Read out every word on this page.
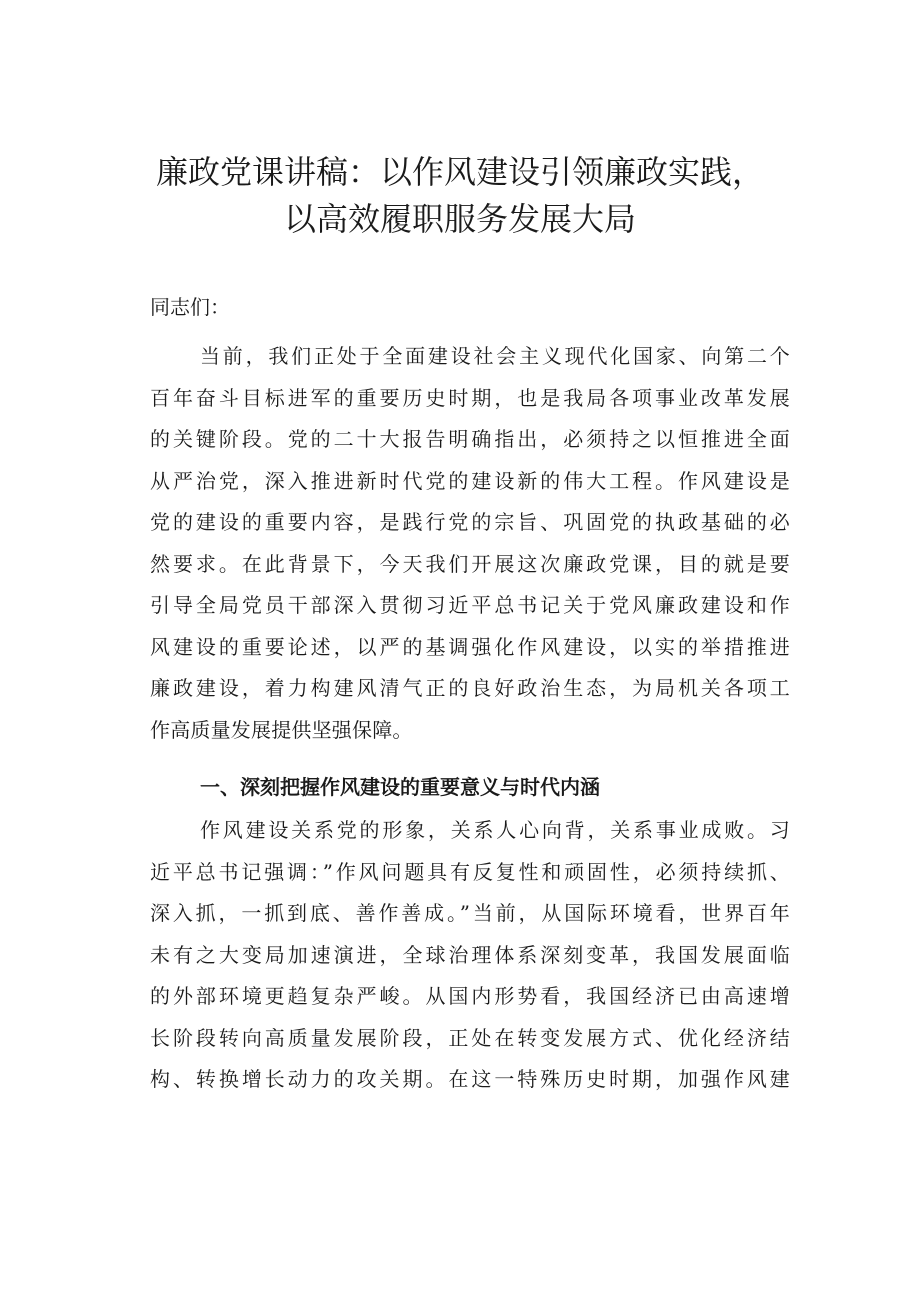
廉政党课讲稿：以作风建设引领廉政实践，
以高效履职服务发展大局

同志们：

当前，我们正处于全面建设社会主义现代化国家、向第二个
百年奋斗目标进军的重要历史时期，也是我局各项事业改革发展
的关键阶段。党的二十大报告明确指出，必须持之以恒推进全面
从严治党，深入推进新时代党的建设新的伟大工程。作风建设是
党的建设的重要内容，是践行党的宗旨、巩固党的执政基础的必
然要求。在此背景下，今天我们开展这次廉政党课，目的就是要
引导全局党员干部深入贯彻习近平总书记关于党风廉政建设和作
风建设的重要论述，以严的基调强化作风建设，以实的举措推进
廉政建设，着力构建风清气正的良好政治生态，为局机关各项工
作高质量发展提供坚强保障。
一、深刻把握作风建设的重要意义与时代内涵
作风建设关系党的形象，关系人心向背，关系事业成败。习
近平总书记强调：”作风问题具有反复性和顽固性，必须持续抓、
深入抓，一抓到底、善作善成。”当前，从国际环境看，世界百年
未有之大变局加速演进，全球治理体系深刻变革，我国发展面临
的外部环境更趋复杂严峻。从国内形势看，我国经济已由高速增
长阶段转向高质量发展阶段，正处在转变发展方式、优化经济结
构、转换增长动力的攻关期。在这一特殊历史时期，加强作风建
